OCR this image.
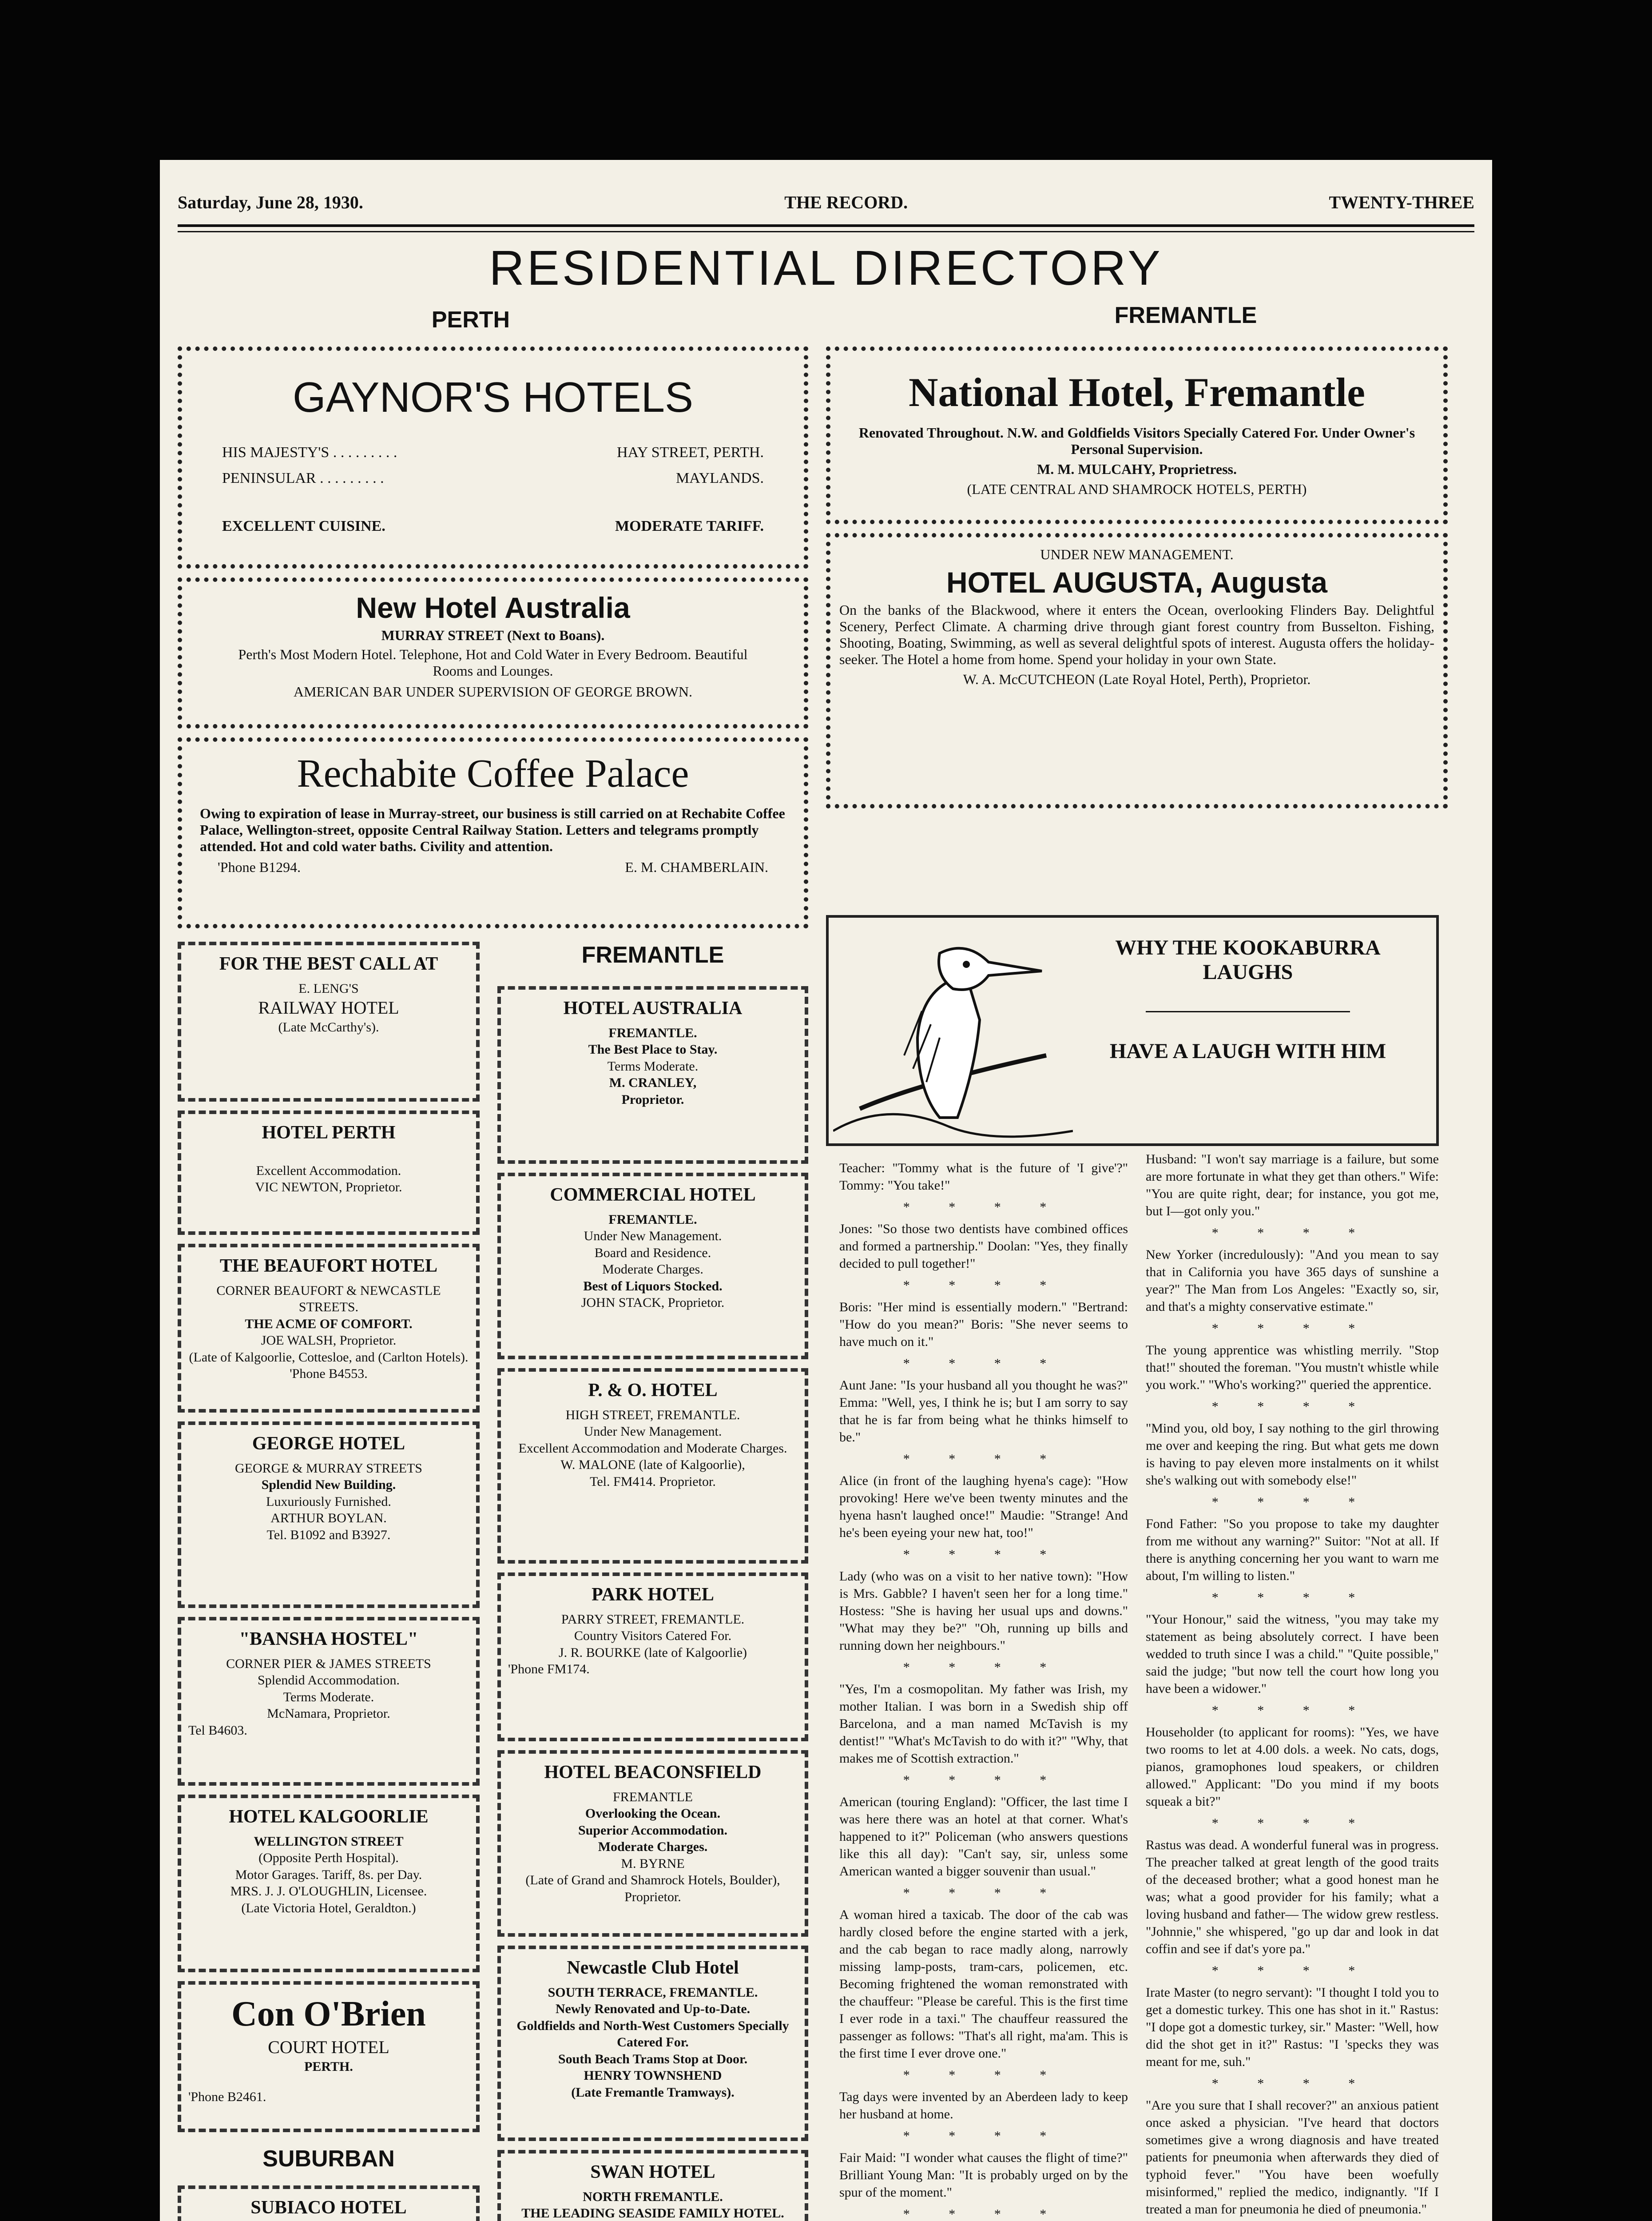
Saturday, June 28, 1930.	THE RECORD.	TWENTY-THREE
RESIDENTIAL DIRECTORY
PERTH	FREMANTLE
GAYNOR'S HOTELS
HIS MAJESTY'S . . . . . . . . .	HAY STREET, PERTH.
PENINSULAR . . . . . . . . .	MAYLANDS.
EXCELLENT CUISINE.	MODERATE TARIFF.
New Hotel Australia
MURRAY STREET (Next to Boans).
Perth's Most Modern Hotel. Telephone, Hot and Cold Water in Every Bedroom. Beautiful Rooms and Lounges.
AMERICAN BAR UNDER SUPERVISION OF GEORGE BROWN.
Rechabite Coffee Palace
Owing to expiration of lease in Murray-street, our business is still carried on at Rechabite Coffee Palace, Wellington-street, opposite Central Railway Station. Letters and telegrams promptly attended. Hot and cold water baths. Civility and attention.
'Phone B1294.	E. M. CHAMBERLAIN.
National Hotel, Fremantle
Renovated Throughout. N.W. and Goldfields Visitors Specially Catered For. Under Owner's Personal Supervision.
M. M. MULCAHY, Proprietress.
(LATE CENTRAL AND SHAMROCK HOTELS, PERTH)
UNDER NEW MANAGEMENT.
HOTEL AUGUSTA, Augusta
On the banks of the Blackwood, where it enters the Ocean, overlooking Flinders Bay. Delightful Scenery, Perfect Climate. A charming drive through giant forest country from Busselton. Fishing, Shooting, Boating, Swimming, as well as several delightful spots of interest. Augusta offers the holiday-seeker. The Hotel a home from home. Spend your holiday in your own State.
W. A. McCUTCHEON (Late Royal Hotel, Perth), Proprietor.
WHY THE KOOKABURRA LAUGHS
HAVE A LAUGH WITH HIM
FOR THE BEST CALL AT
E. LENG'S
RAILWAY HOTEL
(Late McCarthy's).
HOTEL PERTH
Excellent Accommodation.
VIC NEWTON, Proprietor.
THE BEAUFORT HOTEL
CORNER BEAUFORT & NEWCASTLE STREETS.
THE ACME OF COMFORT.
JOE WALSH, Proprietor.
(Late of Kalgoorlie, Cottesloe, and (Carlton Hotels). 'Phone B4553.
GEORGE HOTEL
GEORGE & MURRAY STREETS
Splendid New Building.
Luxuriously Furnished.
ARTHUR BOYLAN.
Tel. B1092 and B3927.
"BANSHA HOSTEL"
CORNER PIER & JAMES STREETS
Splendid Accommodation.
Terms Moderate.
McNamara, Proprietor.
Tel B4603.
HOTEL KALGOORLIE
WELLINGTON STREET
(Opposite Perth Hospital).
Motor Garages. Tariff, 8s. per Day.
MRS. J. J. O'LOUGHLIN, Licensee.
(Late Victoria Hotel, Geraldton.)
Con O'Brien
COURT HOTEL
PERTH.
'Phone B2461.
SUBURBAN
SUBIACO HOTEL
FREMANTLE
HOTEL AUSTRALIA
FREMANTLE.
The Best Place to Stay.
Terms Moderate.
M. CRANLEY,
Proprietor.
COMMERCIAL HOTEL
FREMANTLE.
Under New Management.
Board and Residence.
Moderate Charges.
Best of Liquors Stocked.
JOHN STACK, Proprietor.
P. & O. HOTEL
HIGH STREET, FREMANTLE.
Under New Management.
Excellent Accommodation and Moderate Charges.
W. MALONE (late of Kalgoorlie),
Tel. FM414. Proprietor.
PARK HOTEL
PARRY STREET, FREMANTLE.
Country Visitors Catered For.
J. R. BOURKE (late of Kalgoorlie)
'Phone FM174.
HOTEL BEACONSFIELD
FREMANTLE
Overlooking the Ocean.
Superior Accommodation.
Moderate Charges.
M. BYRNE
(Late of Grand and Shamrock Hotels, Boulder), Proprietor.
Newcastle Club Hotel
SOUTH TERRACE, FREMANTLE.
Newly Renovated and Up-to-Date.
Goldfields and North-West Customers Specially Catered For.
South Beach Trams Stop at Door.
HENRY TOWNSHEND
(Late Fremantle Tramways).
SWAN HOTEL
NORTH FREMANTLE.
THE LEADING SEASIDE FAMILY HOTEL.

Teacher: "Tommy what is the future of 'I give'?" Tommy: "You take!"

* * * *

Jones: "So those two dentists have combined offices and formed a partnership." Doolan: "Yes, they finally decided to pull together!"

* * * *

Boris: "Her mind is essentially modern." "Bertrand: "How do you mean?" Boris: "She never seems to have much on it."

* * * *

Aunt Jane: "Is your husband all you thought he was?" Emma: "Well, yes, I think he is; but I am sorry to say that he is far from being what he thinks himself to be."

* * * *

Alice (in front of the laughing hyena's cage): "How provoking! Here we've been twenty minutes and the hyena hasn't laughed once!" Maudie: "Strange! And he's been eyeing your new hat, too!"

* * * *

Lady (who was on a visit to her native town): "How is Mrs. Gabble? I haven't seen her for a long time." Hostess: "She is having her usual ups and downs." "What may they be?" "Oh, running up bills and running down her neighbours."

* * * *

"Yes, I'm a cosmopolitan. My father was Irish, my mother Italian. I was born in a Swedish ship off Barcelona, and a man named McTavish is my dentist!" "What's McTavish to do with it?" "Why, that makes me of Scottish extraction."

* * * *

American (touring England): "Officer, the last time I was here there was an hotel at that corner. What's happened to it?" Policeman (who answers questions like this all day): "Can't say, sir, unless some American wanted a bigger souvenir than usual."

* * * *

A woman hired a taxicab. The door of the cab was hardly closed before the engine started with a jerk, and the cab began to race madly along, narrowly missing lamp-posts, tram-cars, policemen, etc. Becoming frightened the woman remonstrated with the chauffeur: "Please be careful. This is the first time I ever rode in a taxi." The chauffeur reassured the passenger as follows: "That's all right, ma'am. This is the first time I ever drove one."

* * * *

Tag days were invented by an Aberdeen lady to keep her husband at home.

* * * *

Fair Maid: "I wonder what causes the flight of time?" Brilliant Young Man: "It is probably urged on by the spur of the moment."

* * * *

Husband: "I won't say marriage is a failure, but some are more fortunate in what they get than others." Wife: "You are quite right, dear; for instance, you got me, but I—got only you."

* * * *

New Yorker (incredulously): "And you mean to say that in California you have 365 days of sunshine a year?" The Man from Los Angeles: "Exactly so, sir, and that's a mighty conservative estimate."

* * * *

The young apprentice was whistling merrily. "Stop that!" shouted the foreman. "You mustn't whistle while you work." "Who's working?" queried the apprentice.

* * * *

"Mind you, old boy, I say nothing to the girl throwing me over and keeping the ring. But what gets me down is having to pay eleven more instalments on it whilst she's walking out with somebody else!"

* * * *

Fond Father: "So you propose to take my daughter from me without any warning?" Suitor: "Not at all. If there is anything concerning her you want to warn me about, I'm willing to listen."

* * * *

"Your Honour," said the witness, "you may take my statement as being absolutely correct. I have been wedded to truth since I was a child." "Quite possible," said the judge; "but now tell the court how long you have been a widower."

* * * *

Householder (to applicant for rooms): "Yes, we have two rooms to let at 4.00 dols. a week. No cats, dogs, pianos, gramophones loud speakers, or children allowed." Applicant: "Do you mind if my boots squeak a bit?"

* * * *

Rastus was dead. A wonderful funeral was in progress. The preacher talked at great length of the good traits of the deceased brother; what a good honest man he was; what a good provider for his family; what a loving husband and father— The widow grew restless. "Johnnie," she whispered, "go up dar and look in dat coffin and see if dat's yore pa."

* * * *

Irate Master (to negro servant): "I thought I told you to get a domestic turkey. This one has shot in it." Rastus: "I dope got a domestic turkey, sir." Master: "Well, how did the shot get in it?" Rastus: "I 'specks they was meant for me, suh."

* * * *

"Are you sure that I shall recover?" an anxious patient once asked a physician. "I've heard that doctors sometimes give a wrong diagnosis and have treated patients for pneumonia when afterwards they died of typhoid fever." "You have been woefully misinformed," replied the medico, indignantly. "If I treated a man for pneumonia he died of pneumonia."
